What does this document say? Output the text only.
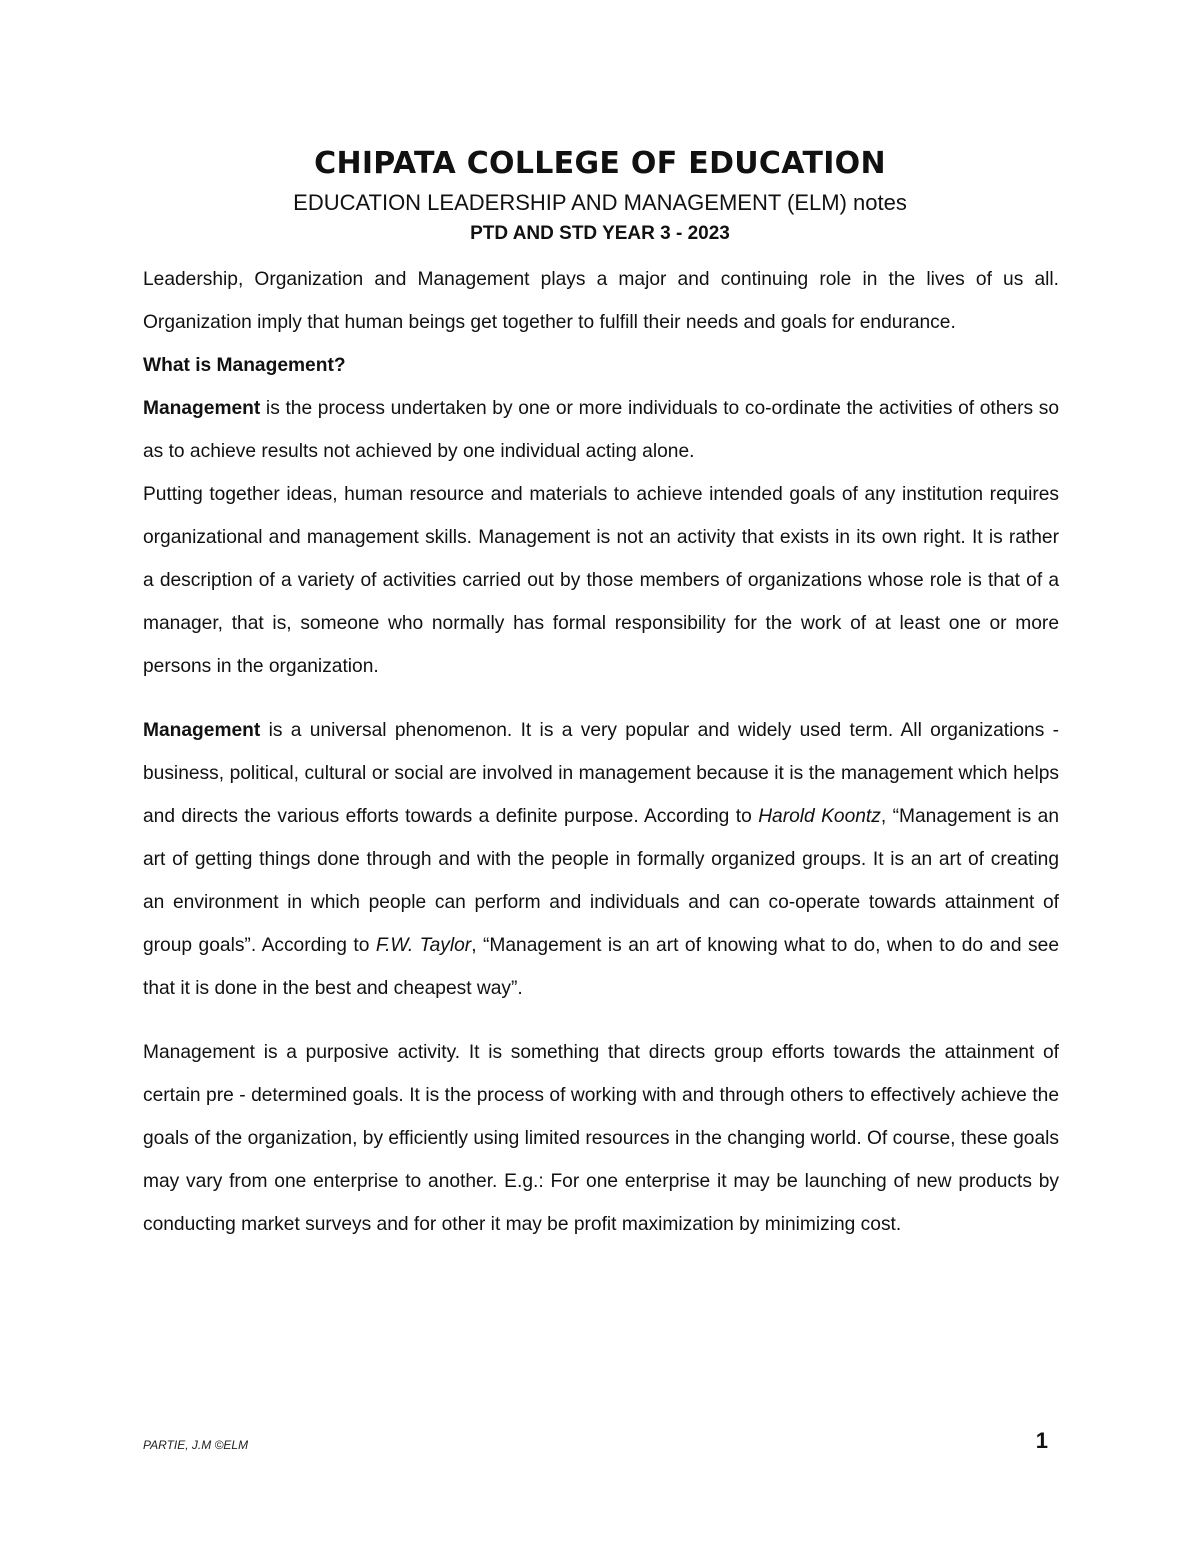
CHIPATA COLLEGE OF EDUCATION
EDUCATION LEADERSHIP AND MANAGEMENT (ELM) notes
PTD AND STD YEAR 3 - 2023

Leadership, Organization and Management plays a major and continuing role in the lives of us all. Organization imply that human beings get together to fulfill their needs and goals for endurance.

What is Management?

Management is the process undertaken by one or more individuals to co-ordinate the activities of others so as to achieve results not achieved by one individual acting alone.

Putting together ideas, human resource and materials to achieve intended goals of any institution requires organizational and management skills. Management is not an activity that exists in its own right. It is rather a description of a variety of activities carried out by those members of organizations whose role is that of a manager, that is, someone who normally has formal responsibility for the work of at least one or more persons in the organization.

Management is a universal phenomenon. It is a very popular and widely used term. All organizations - business, political, cultural or social are involved in management because it is the management which helps and directs the various efforts towards a definite purpose. According to Harold Koontz, “Management is an art of getting things done through and with the people in formally organized groups. It is an art of creating an environment in which people can perform and individuals and can co-operate towards attainment of group goals”. According to F.W. Taylor, “Management is an art of knowing what to do, when to do and see that it is done in the best and cheapest way”.

Management is a purposive activity. It is something that directs group efforts towards the attainment of certain pre - determined goals. It is the process of working with and through others to effectively achieve the goals of the organization, by efficiently using limited resources in the changing world. Of course, these goals may vary from one enterprise to another. E.g.: For one enterprise it may be launching of new products by conducting market surveys and for other it may be profit maximization by minimizing cost.

PARTIE, J.M ©ELM	1
